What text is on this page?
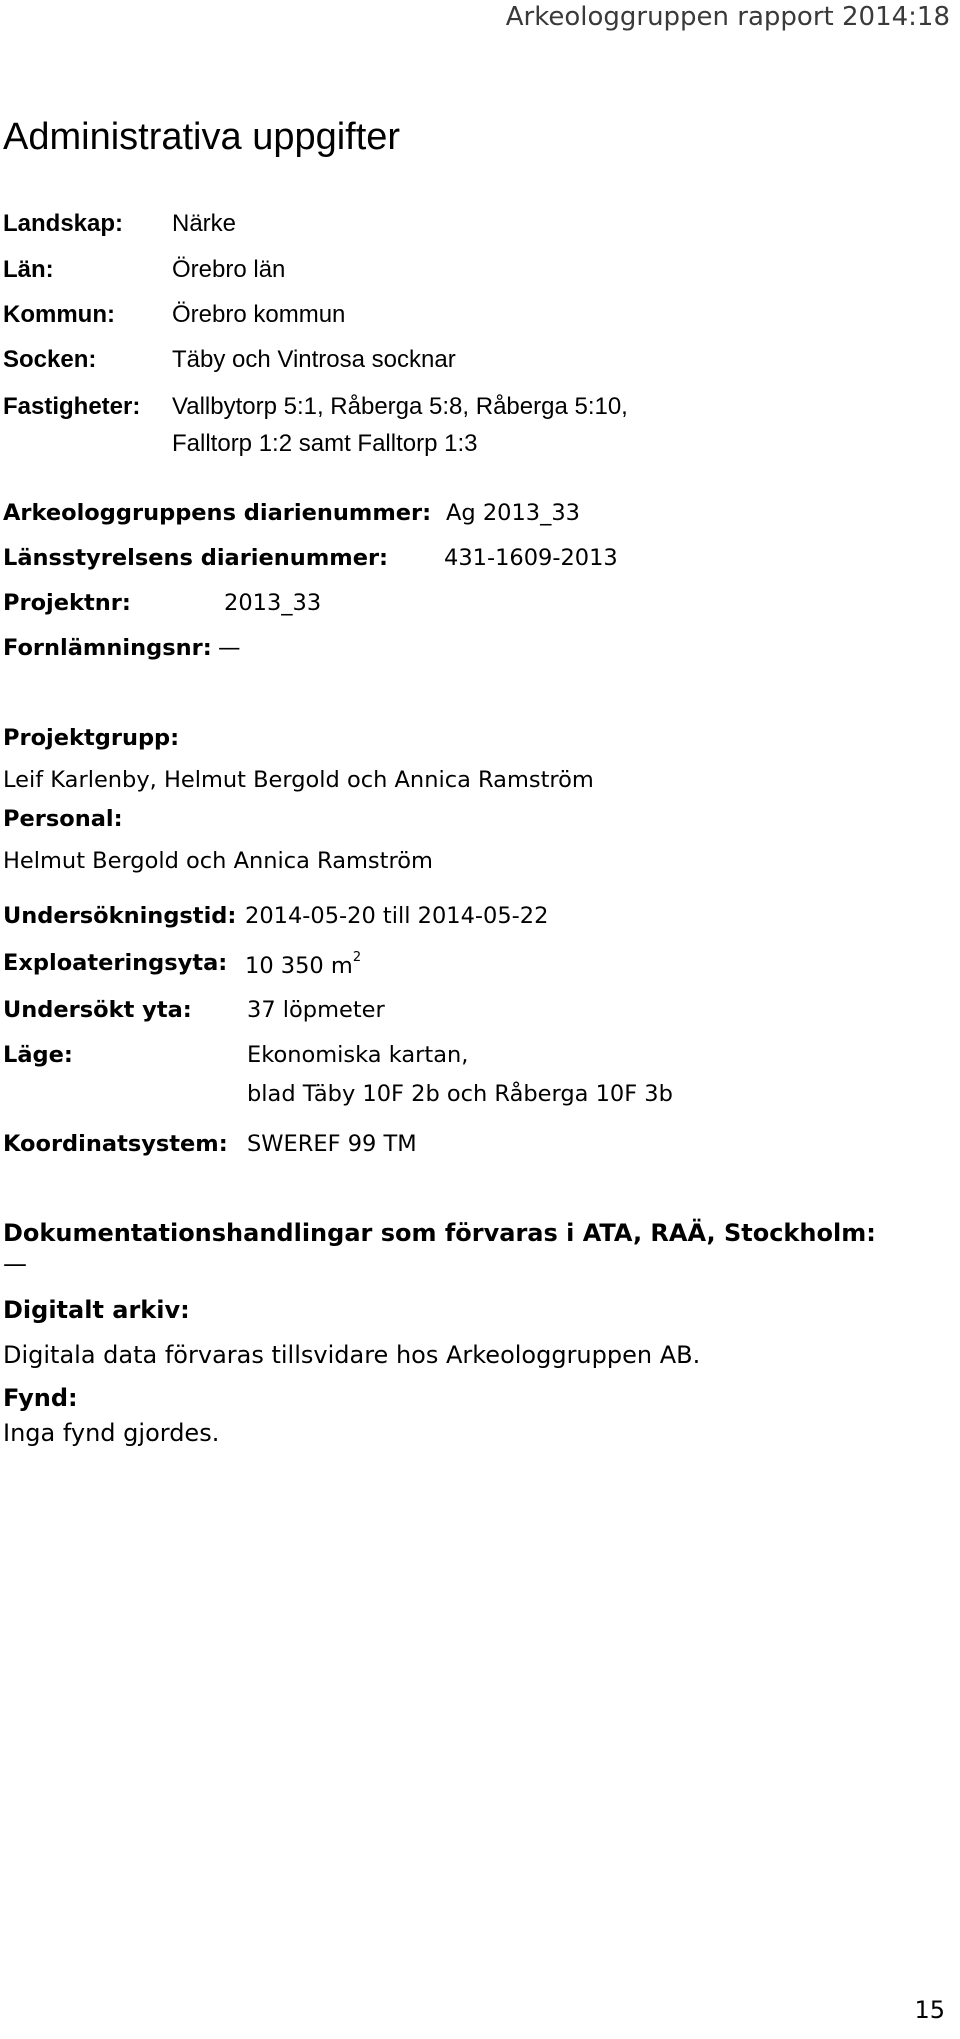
Arkeologgruppen rapport 2014:18
Administrativa uppgifter
Landskap: Närke
Län:	Örebro län
Kommun: Örebro kommun
Socken:	Täby och Vintrosa socknar
Fastigheter: Vallbytorp 5:1, Råberga 5:8, Råberga 5:10,
Falltorp 1:2 samt Falltorp 1:3
Arkeologgruppens diarienummer: Ag 2013_33
Länsstyrelsens diarienummer: 431-1609-2013
Projektnr:	2013_33
Fornlämningsnr: —
Projektgrupp:
Leif Karlenby, Helmut Bergold och Annica Ramström
Personal:
Helmut Bergold och Annica Ramström
Undersökningstid: 2014-05-20 till 2014-05-22
Exploateringsyta: 10 350 $m^2$
Undersökt yta: 37 löpmeter
Läge:	Ekonomiska kartan,
blad Täby 10F 2b och Råberga 10F 3b
Koordinatsystem: SWEREF 99 TM
Dokumentationshandlingar som förvaras i ATA, RAÄ, Stockholm:
—
Digitalt arkiv:
Digitala data förvaras tillsvidare hos Arkeologgruppen AB.
Fynd:
Inga fynd gjordes.
15
